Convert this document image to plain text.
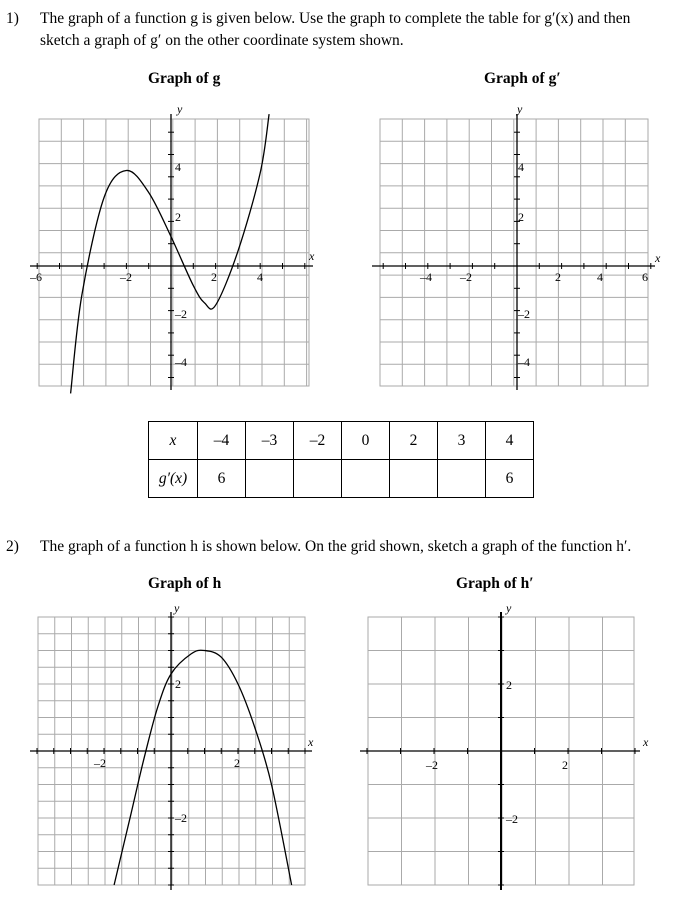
1) The graph of a function g is given below. Use the graph to complete the table for g′(x) and then
sketch a graph of g′ on the other coordinate system shown.
Graph of g	Graph of g′
y
x
–6	–2	2	4
4
2
–2
–4
y
x
–4 –2	2	4	6
4
2
–2
–4
x	–4	–3	–2	0	2	3	4
g′(x)	6						6
2) The graph of a function h is shown below. On the grid shown, sketch a graph of the function h′.
Graph of h	Graph of h′
y
x
–2	2
2
–2
y
x
–2	2
2
–2
